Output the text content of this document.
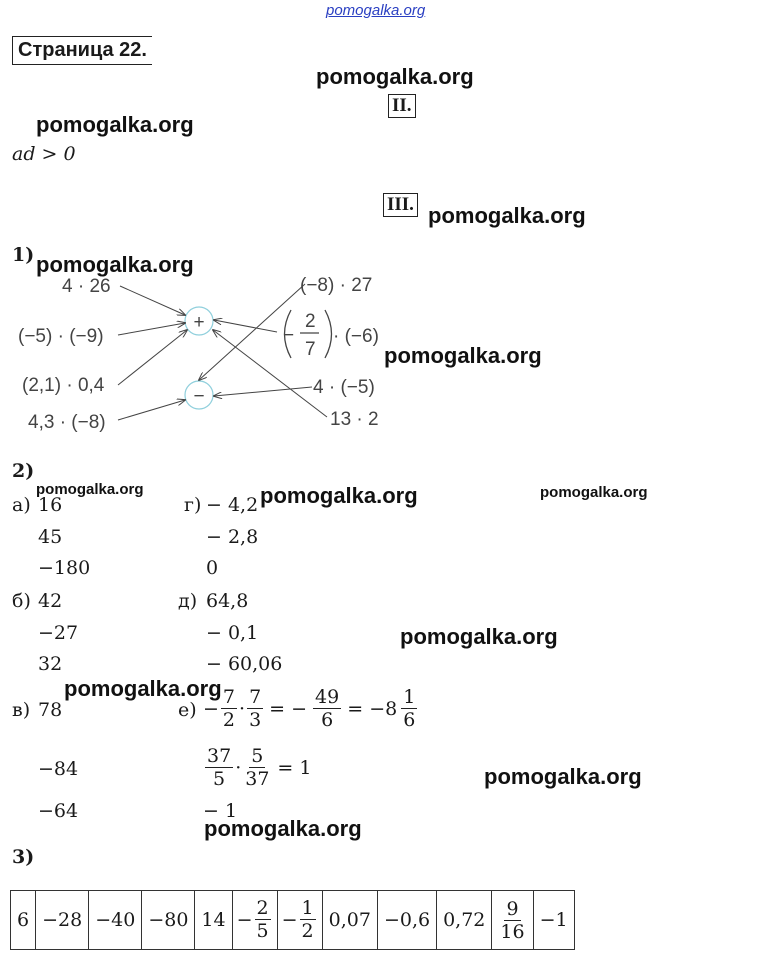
pomogalka.org
Страница 22.
pomogalka.org
pomogalka.org
pomogalka.org
pomogalka.org
pomogalka.org
II.
III.
ad > 0
1)
+
−
4 · 26
(−5) · (−9)
(2,1) · 0,4
4,3 · (−8)
(−8) · 27
−
2
7
· (−6)
4 · (−5)
13 · 2
2)
pomogalka.org	pomogalka.org	pomogalka.org
а) 16
45
−180
б) 42
−27
32
pomogalka.org
в) 78
−84
−64
г) − 4,2
− 2,8
0
д) 64,8
− 0,1
− 60,06
pomogalka.org
$е) - \frac{7}{2} \cdot \frac{7}{3}$ = − $\frac{49}{6} = -8 \frac{1}{6}$
$\frac{37}{5} \cdot \frac{5}{37} = 1$
− 1
pomogalka.org
pomogalka.org
3)
6	−28	−40	−80	14	− $\frac{2}{5}$	− $\frac{1}{2}$	0,07	−0,6	0,72	$\frac{9}{16}$	−1
